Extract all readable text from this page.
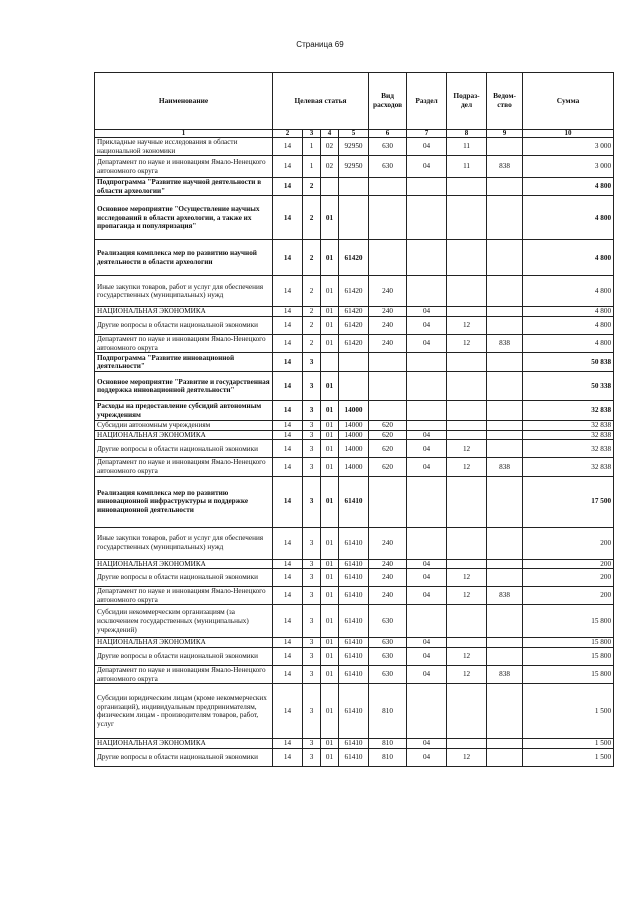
Страница 69
Наименование	Целевая статья				Вид расходов	Раздел	Подраз-дел	Ведом-ство	Сумма
1	2	3	4	5	6	7	8	9	10
Прикладные научные исследования в области национальной экономики	14	1	02	92950	630	04	11		3 000
Департамент по науке и инновациям Ямало-Ненецкого автономного округа	14	1	02	92950	630	04	11	838	3 000
Подпрограмма "Развитие научной деятельности в области археологии"	14	2							4 800
Основное мероприятие "Осуществление научных исследований в области археологии, а также их пропаганда и популяризация"	14	2	01						4 800
Реализация комплекса мер по развитию научной деятельности в области археологии	14	2	01	61420					4 800
Иные закупки товаров, работ и услуг для обеспечения государственных (муниципальных) нужд	14	2	01	61420	240				4 800
НАЦИОНАЛЬНАЯ ЭКОНОМИКА	14	2	01	61420	240	04			4 800
Другие вопросы в области национальной экономики	14	2	01	61420	240	04	12		4 800
Департамент по науке и инновациям Ямало-Ненецкого автономного округа	14	2	01	61420	240	04	12	838	4 800
Подпрограмма "Развитие инновационной деятельности"	14	3							50 838
Основное мероприятие "Развитие и государственная поддержка инновационной деятельности"	14	3	01						50 338
Расходы на предоставление субсидий автономным учреждениям	14	3	01	14000					32 838
Субсидии автономным учреждениям	14	3	01	14000	620				32 838
НАЦИОНАЛЬНАЯ ЭКОНОМИКА	14	3	01	14000	620	04			32 838
Другие вопросы в области национальной экономики	14	3	01	14000	620	04	12		32 838
Департамент по науке и инновациям Ямало-Ненецкого автономного округа	14	3	01	14000	620	04	12	838	32 838
Реализация комплекса мер по развитию инновационной инфраструктуры и поддержке инновационной деятельности	14	3	01	61410					17 500
Иные закупки товаров, работ и услуг для обеспечения государственных (муниципальных) нужд	14	3	01	61410	240				200
НАЦИОНАЛЬНАЯ ЭКОНОМИКА	14	3	01	61410	240	04			200
Другие вопросы в области национальной экономики	14	3	01	61410	240	04	12		200
Департамент по науке и инновациям Ямало-Ненецкого автономного округа	14	3	01	61410	240	04	12	838	200
Субсидии некоммерческим организациям (за исключением государственных (муниципальных) учреждений)	14	3	01	61410	630				15 800
НАЦИОНАЛЬНАЯ ЭКОНОМИКА	14	3	01	61410	630	04			15 800
Другие вопросы в области национальной экономики	14	3	01	61410	630	04	12		15 800
Департамент по науке и инновациям Ямало-Ненецкого автономного округа	14	3	01	61410	630	04	12	838	15 800
Субсидии юридическим лицам (кроме некоммерческих организаций), индивидуальным предпринимателям, физическим лицам - производителям товаров, работ, услуг	14	3	01	61410	810				1 500
НАЦИОНАЛЬНАЯ ЭКОНОМИКА	14	3	01	61410	810	04			1 500
Другие вопросы в области национальной экономики	14	3	01	61410	810	04	12		1 500
